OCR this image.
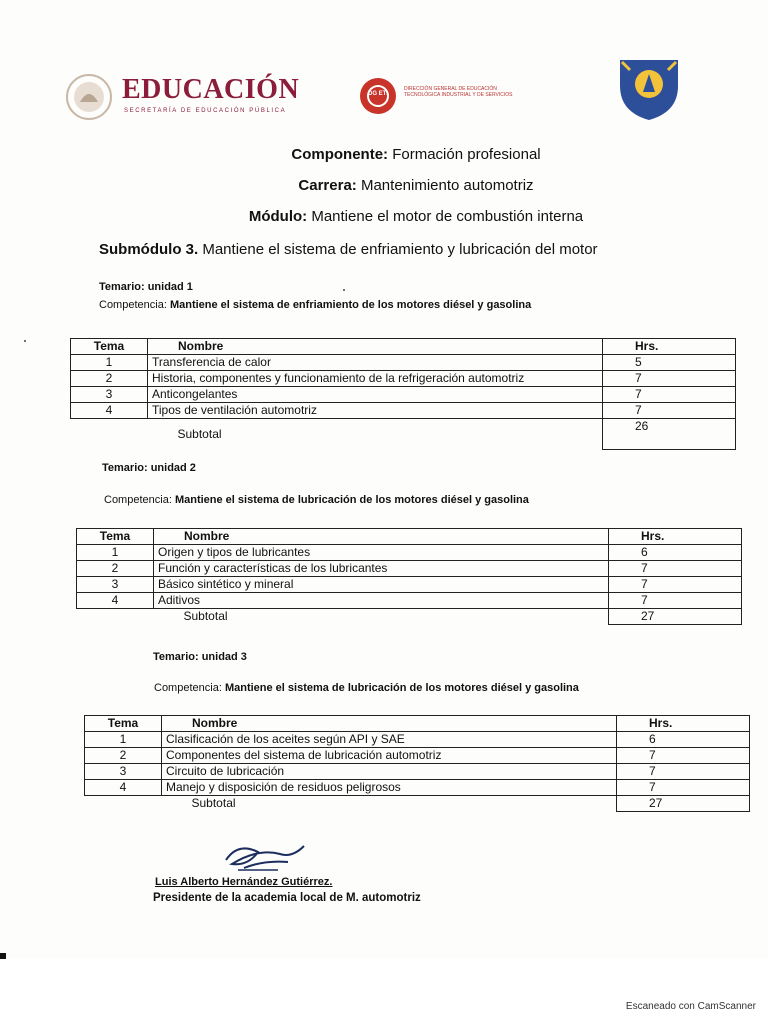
EDUCACIÓN
SECRETARÍA DE EDUCACIÓN PÚBLICA
DG ETI
DIRECCIÓN GENERAL DE EDUCACIÓN TECNOLÓGICA INDUSTRIAL Y DE SERVICIOS
Componente: Formación profesional
Carrera: Mantenimiento automotriz
Módulo: Mantiene el motor de combustión interna
Submódulo 3. Mantiene el sistema de enfriamiento y lubricación del motor
Temario: unidad 1
Competencia: Mantiene el sistema de enfriamiento de los motores diésel y gasolina
Tema	Nombre	Hrs.
1	Transferencia de calor	5
2	Historia, componentes y funcionamiento de la refrigeración automotriz	7
3	Anticongelantes	7
4	Tipos de ventilación automotriz	7
	Subtotal	26
Temario: unidad 2
Competencia: Mantiene el sistema de lubricación de los motores diésel y gasolina
Tema	Nombre	Hrs.
1	Origen y tipos de lubricantes	6
2	Función y características de los lubricantes	7
3	Básico sintético y mineral	7
4	Aditivos	7
	Subtotal	27
Temario: unidad 3
Competencia: Mantiene el sistema de lubricación de los motores diésel y gasolina
Tema	Nombre	Hrs.
1	Clasificación de los aceites según API y SAE	6
2	Componentes del sistema de lubricación automotriz	7
3	Circuito de lubricación	7
4	Manejo y disposición de residuos peligrosos	7
	Subtotal	27
Luis Alberto Hernández Gutiérrez.
Presidente de la academia local de M. automotriz
Escaneado con CamScanner
